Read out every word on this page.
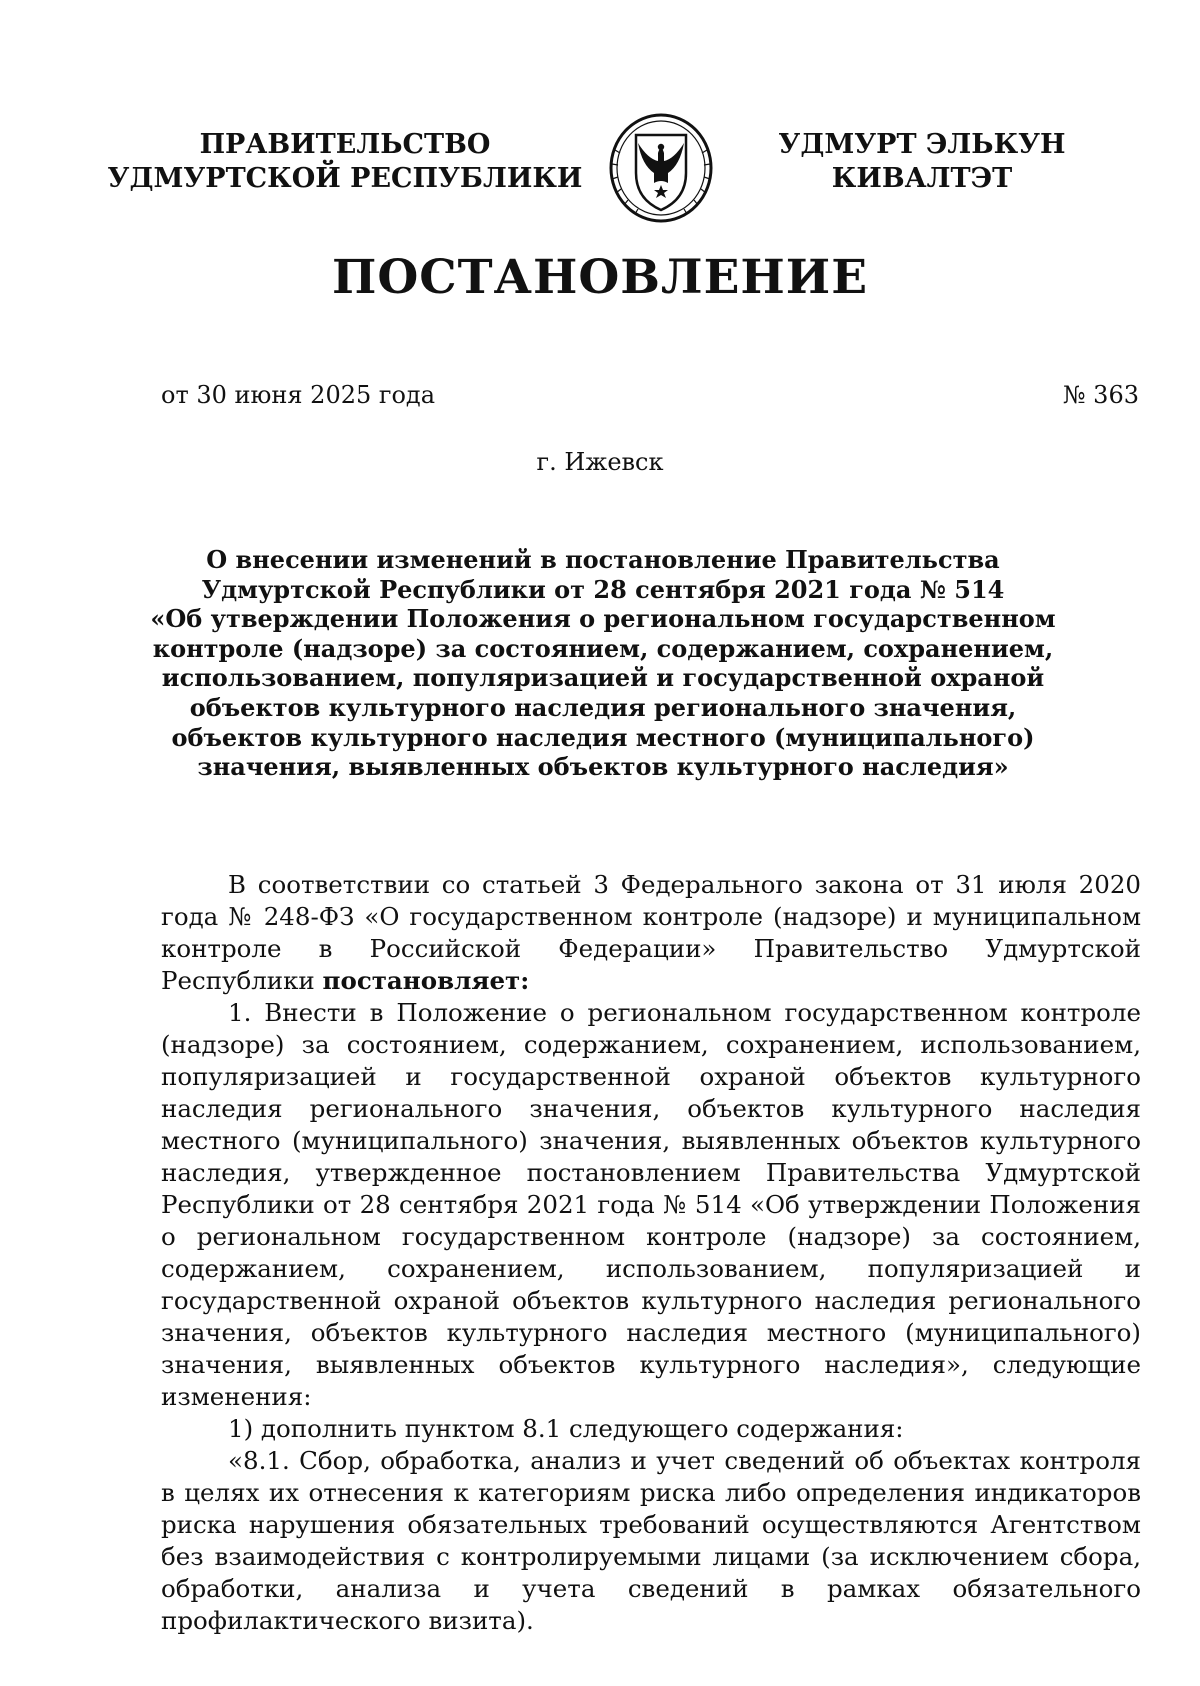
ПРАВИТЕЛЬСТВО
УДМУРТСКОЙ РЕСПУБЛИКИ
УДМУРТ ЭЛЬКУН
КИВАЛТЭТ
ПОСТАНОВЛЕНИЕ
от 30 июня 2025 года	№ 363
г. Ижевск
О внесении изменений в постановление Правительства
Удмуртской Республики от 28 сентября 2021 года № 514
«Об утверждении Положения о региональном государственном
контроле (надзоре) за состоянием, содержанием, сохранением,
использованием, популяризацией и государственной охраной
объектов культурного наследия регионального значения,
объектов культурного наследия местного (муниципального)
значения, выявленных объектов культурного наследия»

В соответствии со статьей 3 Федерального закона от 31 июля 2020 года № 248-ФЗ «О государственном контроле (надзоре) и муниципальном контроле в Российской Федерации» Правительство Удмуртской Республики постановляет:

1. Внести в Положение о региональном государственном контроле (надзоре) за состоянием, содержанием, сохранением, использованием, популяризацией и государственной охраной объектов культурного наследия регионального значения, объектов культурного наследия местного (муниципального) значения, выявленных объектов культурного наследия, утвержденное постановлением Правительства Удмуртской Республики от 28 сентября 2021 года № 514 «Об утверждении Положения о региональном государственном контроле (надзоре) за состоянием, содержанием, сохранением, использованием, популяризацией и государственной охраной объектов культурного наследия регионального значения, объектов культурного наследия местного (муниципального) значения, выявленных объектов культурного наследия», следующие изменения:

1) дополнить пунктом 8.1 следующего содержания:

«8.1. Сбор, обработка, анализ и учет сведений об объектах контроля в целях их отнесения к категориям риска либо определения индикаторов риска нарушения обязательных требований осуществляются Агентством без взаимодействия с контролируемыми лицами (за исключением сбора, обработки, анализа и учета сведений в рамках обязательного профилактического визита).
